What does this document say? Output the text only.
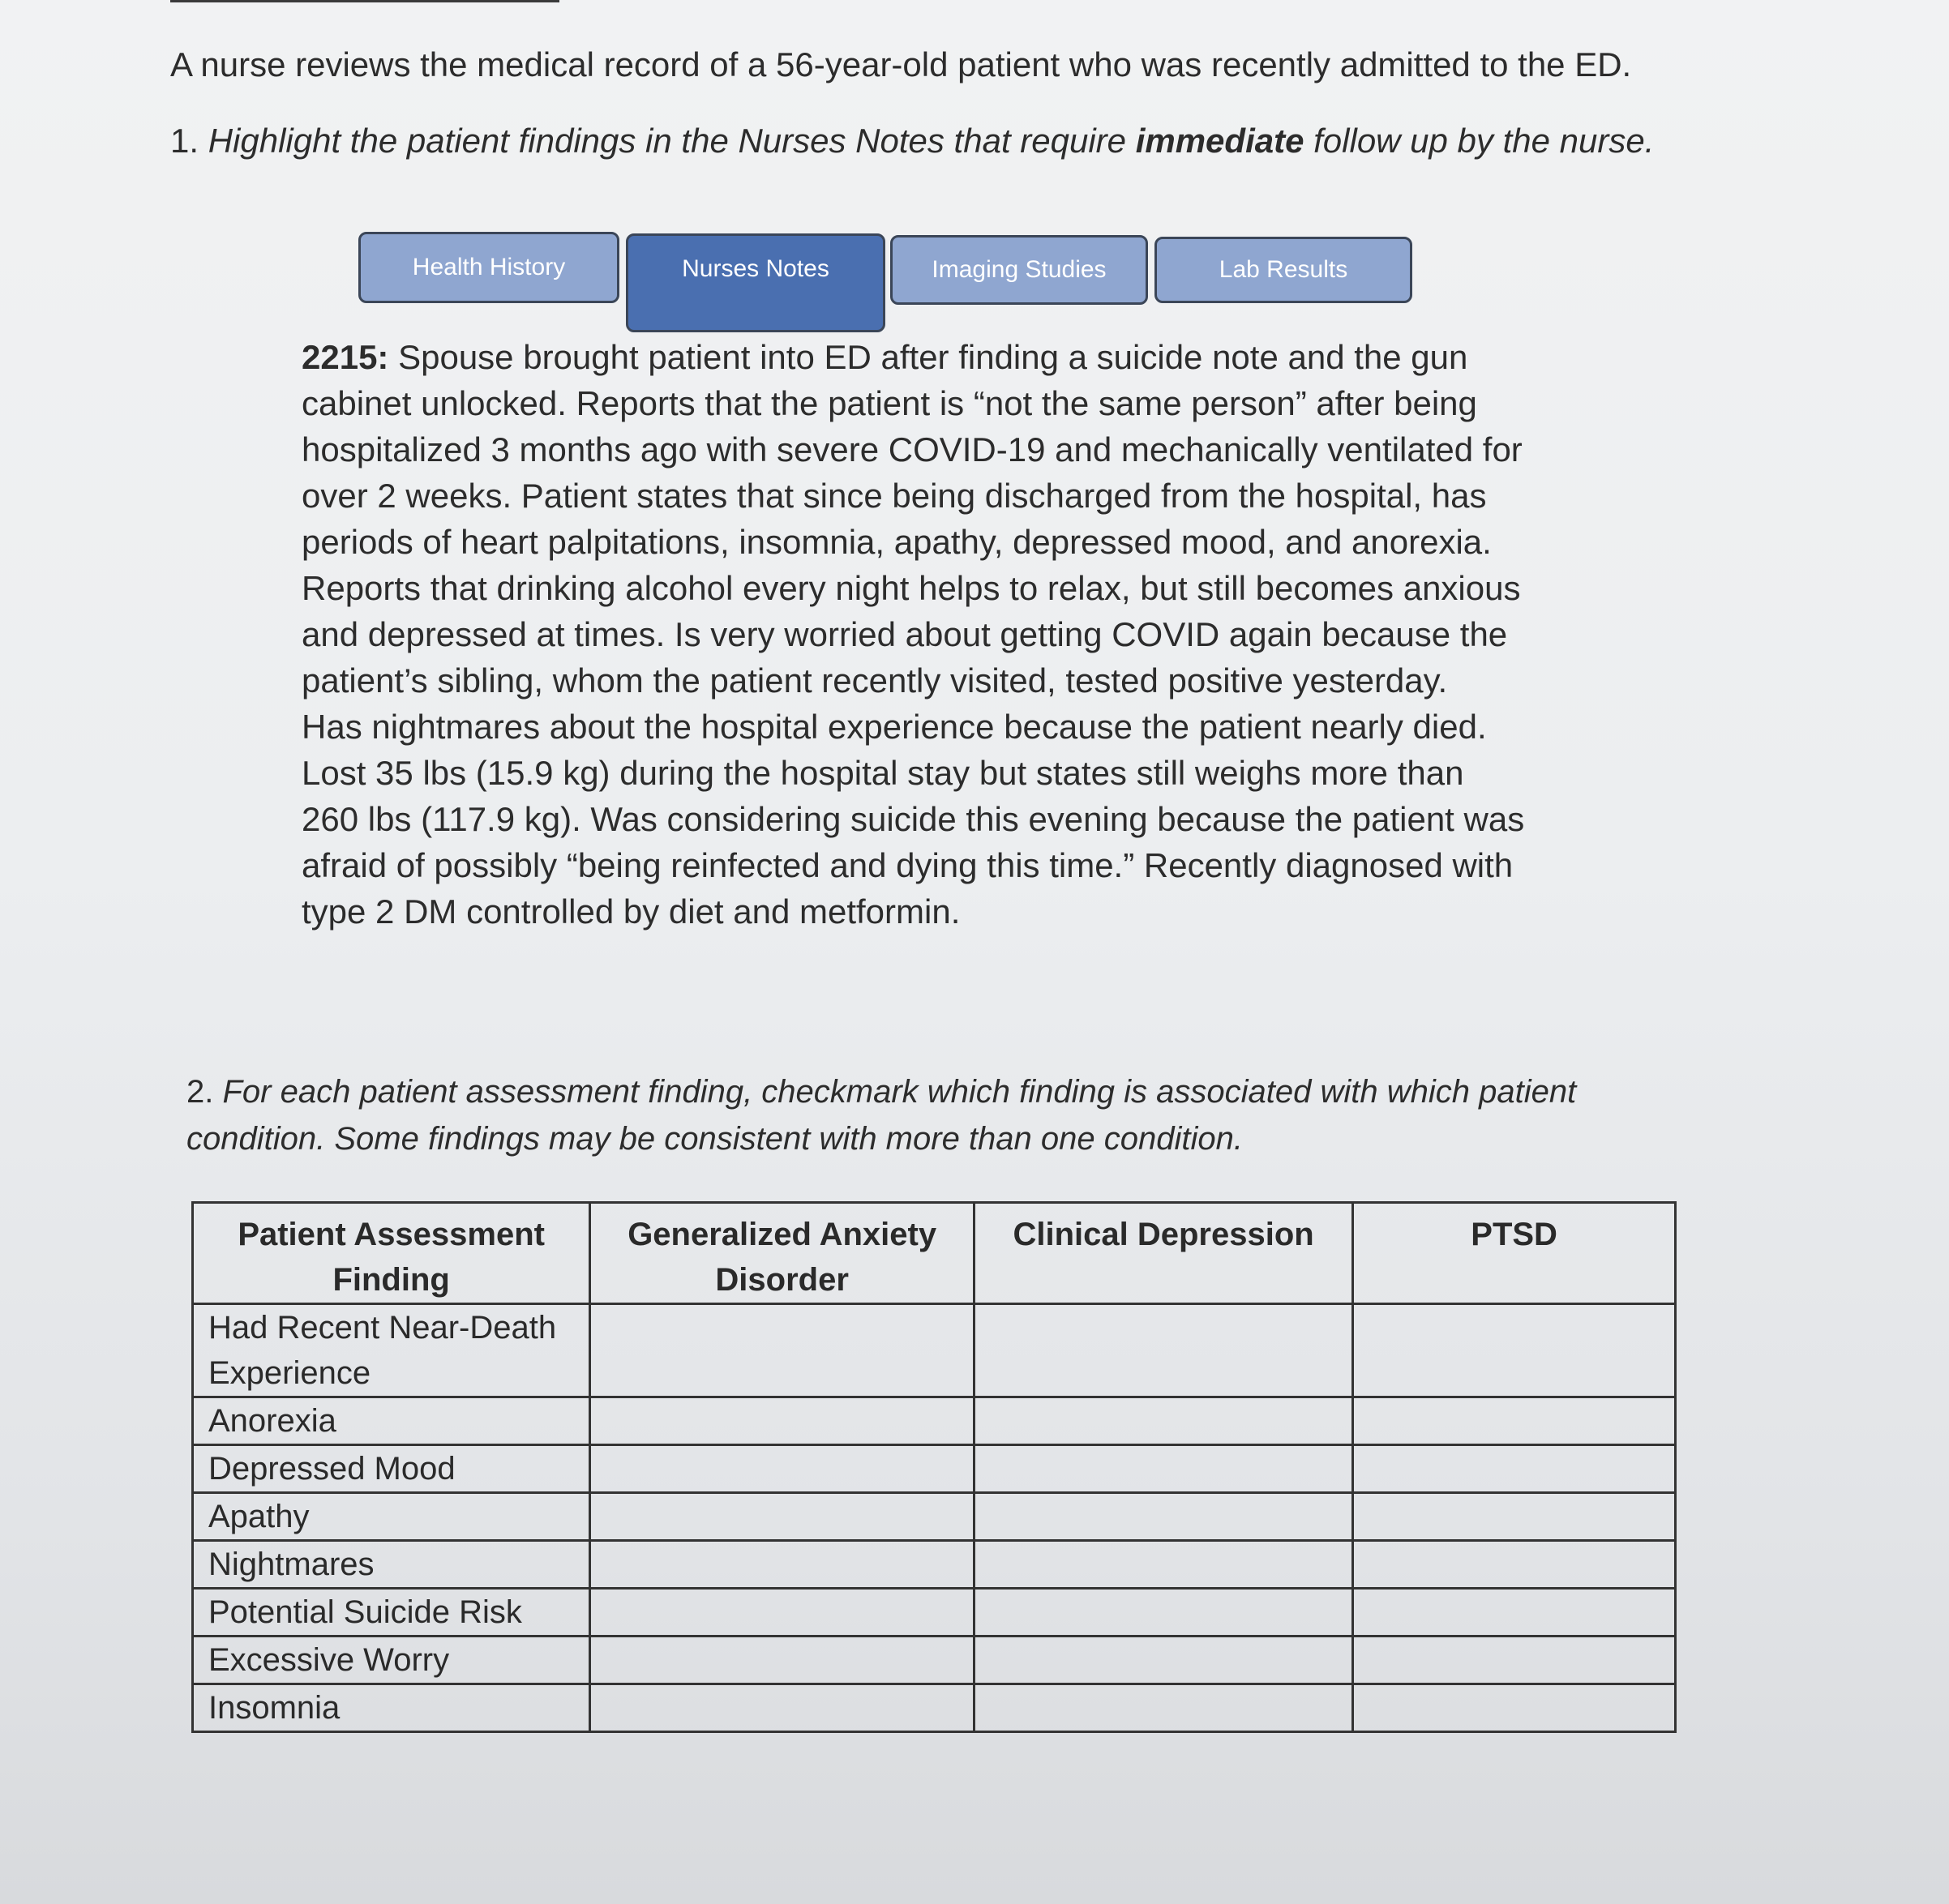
A nurse reviews the medical record of a 56-year-old patient who was recently admitted to the ED.
1. Highlight the patient findings in the Nurses Notes that require immediate follow up by the nurse.
Health History	Nurses Notes	Imaging Studies	Lab Results
2215: Spouse brought patient into ED after finding a suicide note and the gun
cabinet unlocked. Reports that the patient is “not the same person” after being
hospitalized 3 months ago with severe COVID-19 and mechanically ventilated for
over 2 weeks. Patient states that since being discharged from the hospital, has
periods of heart palpitations, insomnia, apathy, depressed mood, and anorexia.
Reports that drinking alcohol every night helps to relax, but still becomes anxious
and depressed at times. Is very worried about getting COVID again because the
patient’s sibling, whom the patient recently visited, tested positive yesterday.
Has nightmares about the hospital experience because the patient nearly died.
Lost 35 lbs (15.9 kg) during the hospital stay but states still weighs more than
260 lbs (117.9 kg). Was considering suicide this evening because the patient was
afraid of possibly “being reinfected and dying this time.” Recently diagnosed with
type 2 DM controlled by diet and metformin.
2. For each patient assessment finding, checkmark which finding is associated with which patient condition. Some findings may be consistent with more than one condition.
Patient Assessment Finding	Generalized Anxiety Disorder	Clinical Depression	PTSD
Had Recent Near-Death Experience			
Anorexia			
Depressed Mood			
Apathy			
Nightmares			
Potential Suicide Risk			
Excessive Worry			
Insomnia			
